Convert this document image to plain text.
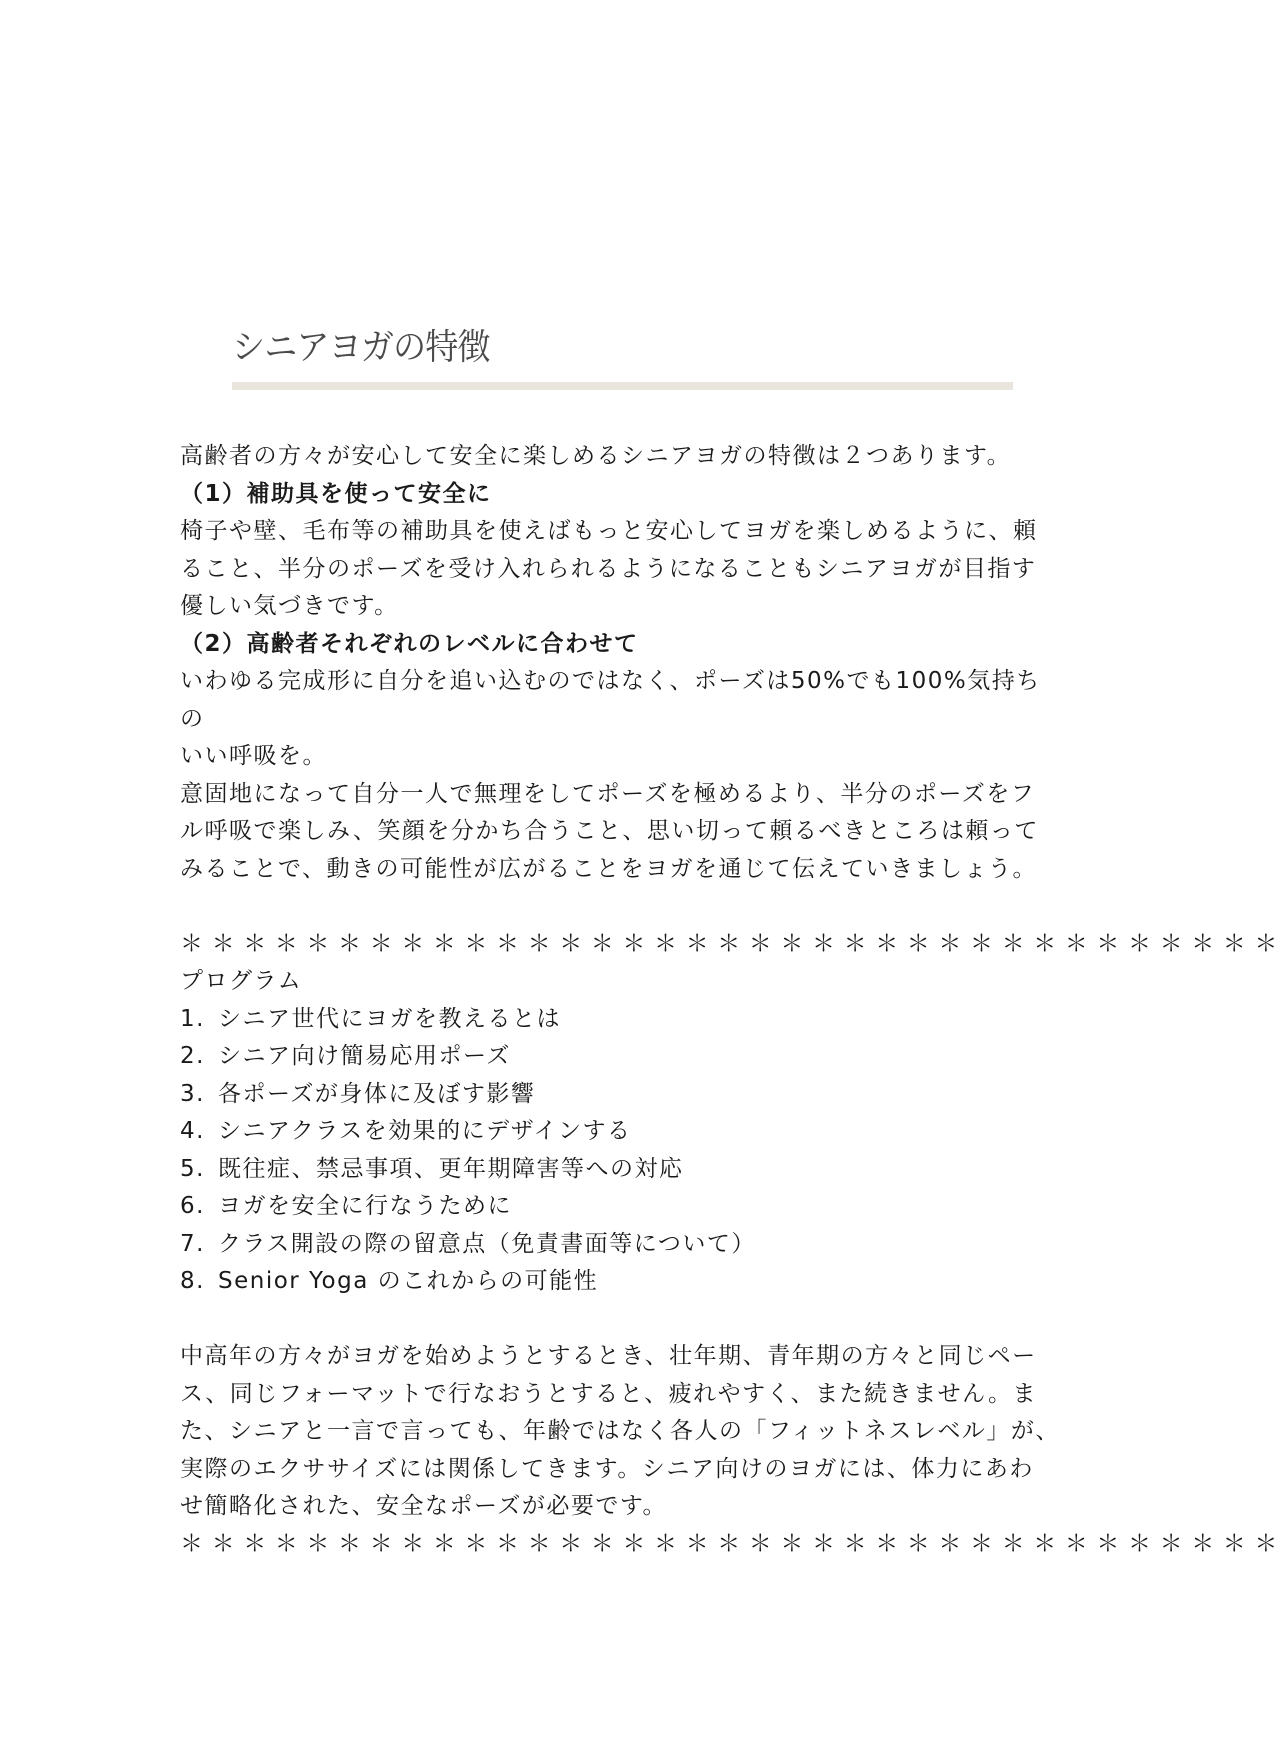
シニアヨガの特徴

高齢者の方々が安心して安全に楽しめるシニアヨガの特徴は２つあります。

（1）補助具を使って安全に

椅子や壁、毛布等の補助具を使えばもっと安心してヨガを楽しめるように、頼

ること、半分のポーズを受け入れられるようになることもシニアヨガが目指す

優しい気づきです。

（2）高齢者それぞれのレベルに合わせて

いわゆる完成形に自分を追い込むのではなく、ポーズは50%でも100%気持ちの

いい呼吸を。

意固地になって自分一人で無理をしてポーズを極めるより、半分のポーズをフ

ル呼吸で楽しみ、笑顔を分かち合うこと、思い切って頼るべきところは頼って

みることで、動きの可能性が広がることをヨガを通じて伝えていきましょう。

＊＊＊＊＊＊＊＊＊＊＊＊＊＊＊＊＊＊＊＊＊＊＊＊＊＊＊＊＊＊＊＊＊＊＊

プログラム

1. シニア世代にヨガを教えるとは
2. シニア向け簡易応用ポーズ
3. 各ポーズが身体に及ぼす影響
4. シニアクラスを効果的にデザインする
5. 既往症、禁忌事項、更年期障害等への対応
6. ヨガを安全に行なうために
7. クラス開設の際の留意点（免責書面等について）
8. Senior Yoga のこれからの可能性

中高年の方々がヨガを始めようとするとき、壮年期、青年期の方々と同じペー

ス、同じフォーマットで行なおうとすると、疲れやすく、また続きません。ま

た、シニアと一言で言っても、年齢ではなく各人の「フィットネスレベル」が、

実際のエクササイズには関係してきます。シニア向けのヨガには、体力にあわ

せ簡略化された、安全なポーズが必要です。

＊＊＊＊＊＊＊＊＊＊＊＊＊＊＊＊＊＊＊＊＊＊＊＊＊＊＊＊＊＊＊＊＊＊＊
